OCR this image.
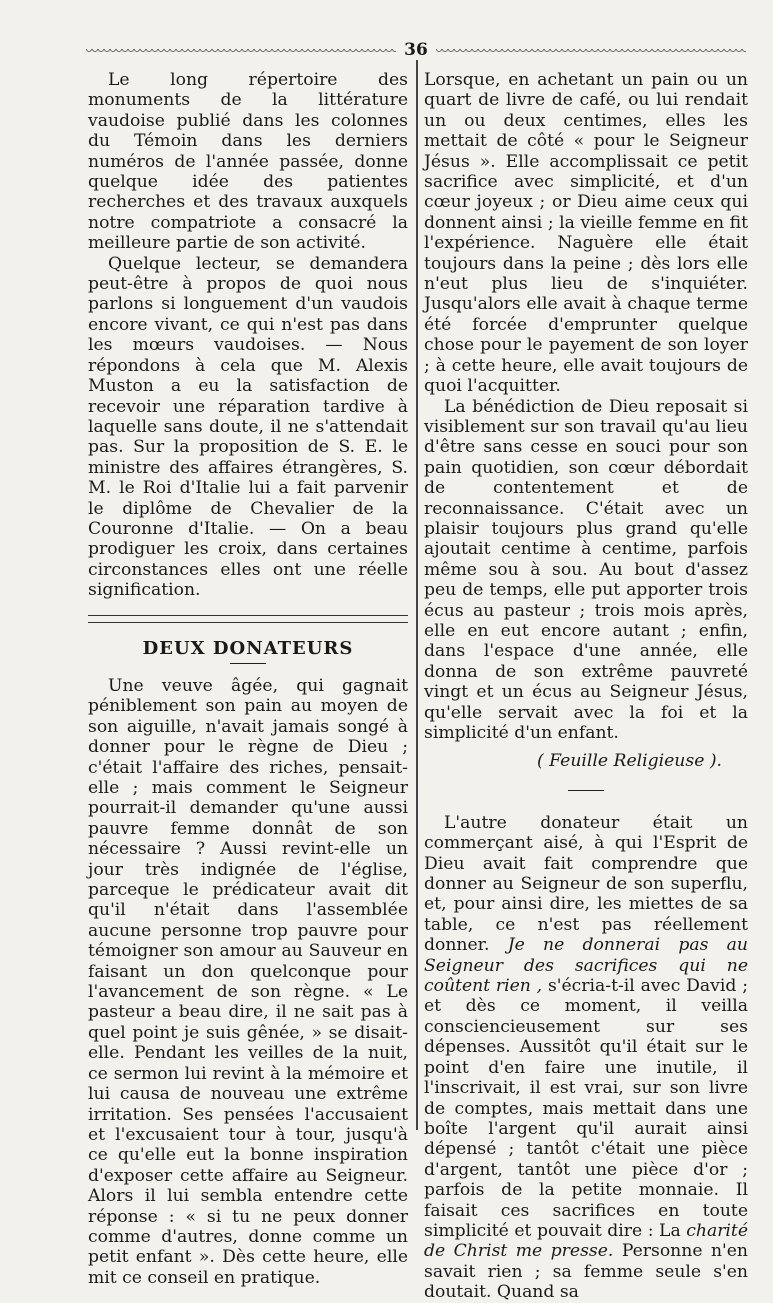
36

Le long répertoire des monuments de la littérature vaudoise publié dans les colonnes du Témoin dans les derniers numéros de l'année passée, donne quelque idée des patientes recherches et des travaux auxquels notre compatriote a consacré la meilleure partie de son activité.

Quelque lecteur, se demandera peut-être à propos de quoi nous parlons si longuement d'un vaudois encore vivant, ce qui n'est pas dans les mœurs vaudoises. — Nous répondons à cela que M. Alexis Muston a eu la satisfaction de recevoir une réparation tardive à laquelle sans doute, il ne s'attendait pas. Sur la proposition de S. E. le ministre des affaires étrangères, S. M. le Roi d'Italie lui a fait parvenir le diplôme de Chevalier de la Couronne d'Italie. — On a beau prodiguer les croix, dans certaines circonstances elles ont une réelle signification.

DEUX DONATEURS

Une veuve âgée, qui gagnait péniblement son pain au moyen de son aiguille, n'avait jamais songé à donner pour le règne de Dieu ; c'était l'affaire des riches, pensait-elle ; mais comment le Seigneur pourrait-il demander qu'une aussi pauvre femme donnât de son nécessaire ? Aussi revint-elle un jour très indignée de l'église, parceque le prédicateur avait dit qu'il n'était dans l'assemblée aucune personne trop pauvre pour témoigner son amour au Sauveur en faisant un don quelconque pour l'avancement de son règne. « Le pasteur a beau dire, il ne sait pas à quel point je suis gênée, » se disait-elle. Pendant les veilles de la nuit, ce sermon lui revint à la mémoire et lui causa de nouveau une extrême irritation. Ses pensées l'accusaient et l'excusaient tour à tour, jusqu'à ce qu'elle eut la bonne inspiration d'exposer cette affaire au Seigneur. Alors il lui sembla entendre cette réponse : « si tu ne peux donner comme d'autres, donne comme un petit enfant ». Dès cette heure, elle mit ce conseil en pratique.

Lorsque, en achetant un pain ou un quart de livre de café, ou lui rendait un ou deux centimes, elles les mettait de côté « pour le Seigneur Jésus ». Elle accomplissait ce petit sacrifice avec simplicité, et d'un cœur joyeux ; or Dieu aime ceux qui donnent ainsi ; la vieille femme en fit l'expérience. Naguère elle était toujours dans la peine ; dès lors elle n'eut plus lieu de s'inquiéter. Jusqu'alors elle avait à chaque terme été forcée d'emprunter quelque chose pour le payement de son loyer ; à cette heure, elle avait toujours de quoi l'acquitter.

La bénédiction de Dieu reposait si visiblement sur son travail qu'au lieu d'être sans cesse en souci pour son pain quotidien, son cœur débordait de contentement et de reconnaissance. C'était avec un plaisir toujours plus grand qu'elle ajoutait centime à centime, parfois même sou à sou. Au bout d'assez peu de temps, elle put apporter trois écus au pasteur ; trois mois après, elle en eut encore autant ; enfin, dans l'espace d'une année, elle donna de son extrême pauvreté vingt et un écus au Seigneur Jésus, qu'elle servait avec la foi et la simplicité d'un enfant.

( Feuille Religieuse ).

L'autre donateur était un commerçant aisé, à qui l'Esprit de Dieu avait fait comprendre que donner au Seigneur de son superflu, et, pour ainsi dire, les miettes de sa table, ce n'est pas réellement donner. Je ne donnerai pas au Seigneur des sacrifices qui ne coûtent rien , s'écria-t-il avec David ; et dès ce moment, il veilla consciencieusement sur ses dépenses. Aussitôt qu'il était sur le point d'en faire une inutile, il l'inscrivait, il est vrai, sur son livre de comptes, mais mettait dans une boîte l'argent qu'il aurait ainsi dépensé ; tantôt c'était une pièce d'argent, tantôt une pièce d'or ; parfois de la petite monnaie. Il faisait ces sacrifices en toute simplicité et pouvait dire : La charité de Christ me presse. Personne n'en savait rien ; sa femme seule s'en doutait. Quand sa
